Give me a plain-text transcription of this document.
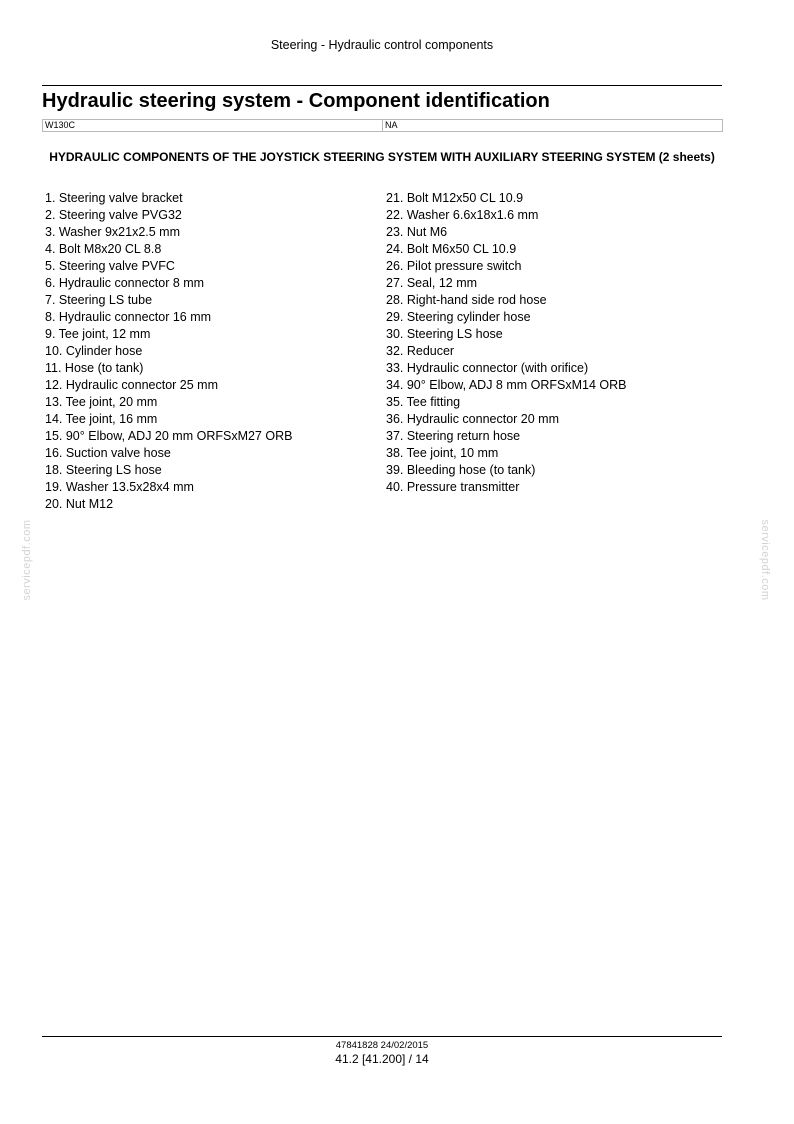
Steering - Hydraulic control components
Hydraulic steering system - Component identification
W130C	NA
HYDRAULIC COMPONENTS OF THE JOYSTICK STEERING SYSTEM WITH AUXILIARY STEERING SYSTEM (2 sheets)
1. Steering valve bracket
2. Steering valve PVG32
3. Washer 9x21x2.5 mm
4. Bolt M8x20 CL 8.8
5. Steering valve PVFC
6. Hydraulic connector 8 mm
7. Steering LS tube
8. Hydraulic connector 16 mm
9. Tee joint, 12 mm
10. Cylinder hose
11. Hose (to tank)
12. Hydraulic connector 25 mm
13. Tee joint, 20 mm
14. Tee joint, 16 mm
15. 90° Elbow, ADJ 20 mm ORFSxM27 ORB
16. Suction valve hose
18. Steering LS hose
19. Washer 13.5x28x4 mm
20. Nut M12
21. Bolt M12x50 CL 10.9
22. Washer 6.6x18x1.6 mm
23. Nut M6
24. Bolt M6x50 CL 10.9
26. Pilot pressure switch
27. Seal, 12 mm
28. Right-hand side rod hose
29. Steering cylinder hose
30. Steering LS hose
32. Reducer
33. Hydraulic connector (with orifice)
34. 90° Elbow, ADJ 8 mm ORFSxM14 ORB
35. Tee fitting
36. Hydraulic connector 20 mm
37. Steering return hose
38. Tee joint, 10 mm
39. Bleeding hose (to tank)
40. Pressure transmitter
servicepdf.com	servicepdf.com
47841828 24/02/2015
41.2 [41.200] / 14
